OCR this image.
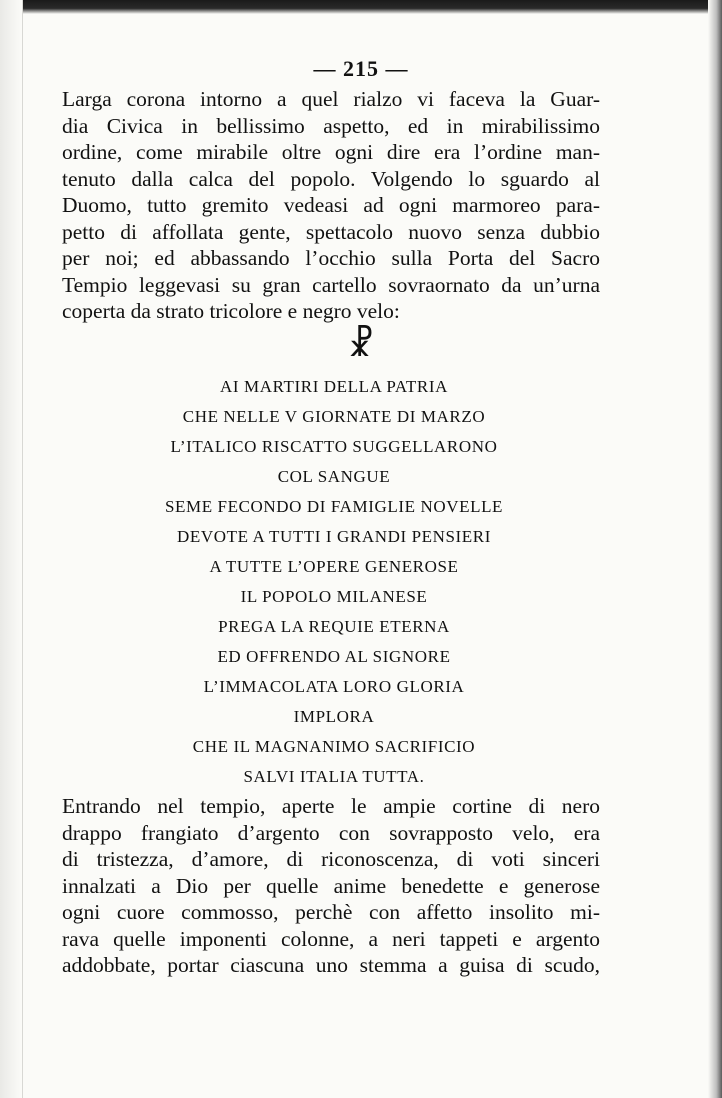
— 215 —
Larga corona intorno a quel rialzo vi faceva la Guar-
dia Civica in bellissimo aspetto, ed in mirabilissimo
ordine, come mirabile oltre ogni dire era l’ordine man-
tenuto dalla calca del popolo. Volgendo lo sguardo al
Duomo, tutto gremito vedeasi ad ogni marmoreo para-
petto di affollata gente, spettacolo nuovo senza dubbio
per noi; ed abbassando l’occhio sulla Porta del Sacro
Tempio leggevasi su gran cartello sovraornato da un’urna
coperta da strato tricolore e negro velo:
☧
AI MARTIRI DELLA PATRIA
CHE NELLE V GIORNATE DI MARZO
L’ITALICO RISCATTO SUGGELLARONO
COL SANGUE
SEME FECONDO DI FAMIGLIE NOVELLE
DEVOTE A TUTTI I GRANDI PENSIERI
A TUTTE L’OPERE GENEROSE
IL POPOLO MILANESE
PREGA LA REQUIE ETERNA
ED OFFRENDO AL SIGNORE
L’IMMACOLATA LORO GLORIA
IMPLORA
CHE IL MAGNANIMO SACRIFICIO
SALVI ITALIA TUTTA.
Entrando nel tempio, aperte le ampie cortine di nero
drappo frangiato d’argento con sovrapposto velo, era
di tristezza, d’amore, di riconoscenza, di voti sinceri
innalzati a Dio per quelle anime benedette e generose
ogni cuore commosso, perchè con affetto insolito mi-
rava quelle imponenti colonne, a neri tappeti e argento
addobbate, portar ciascuna uno stemma a guisa di scudo,
